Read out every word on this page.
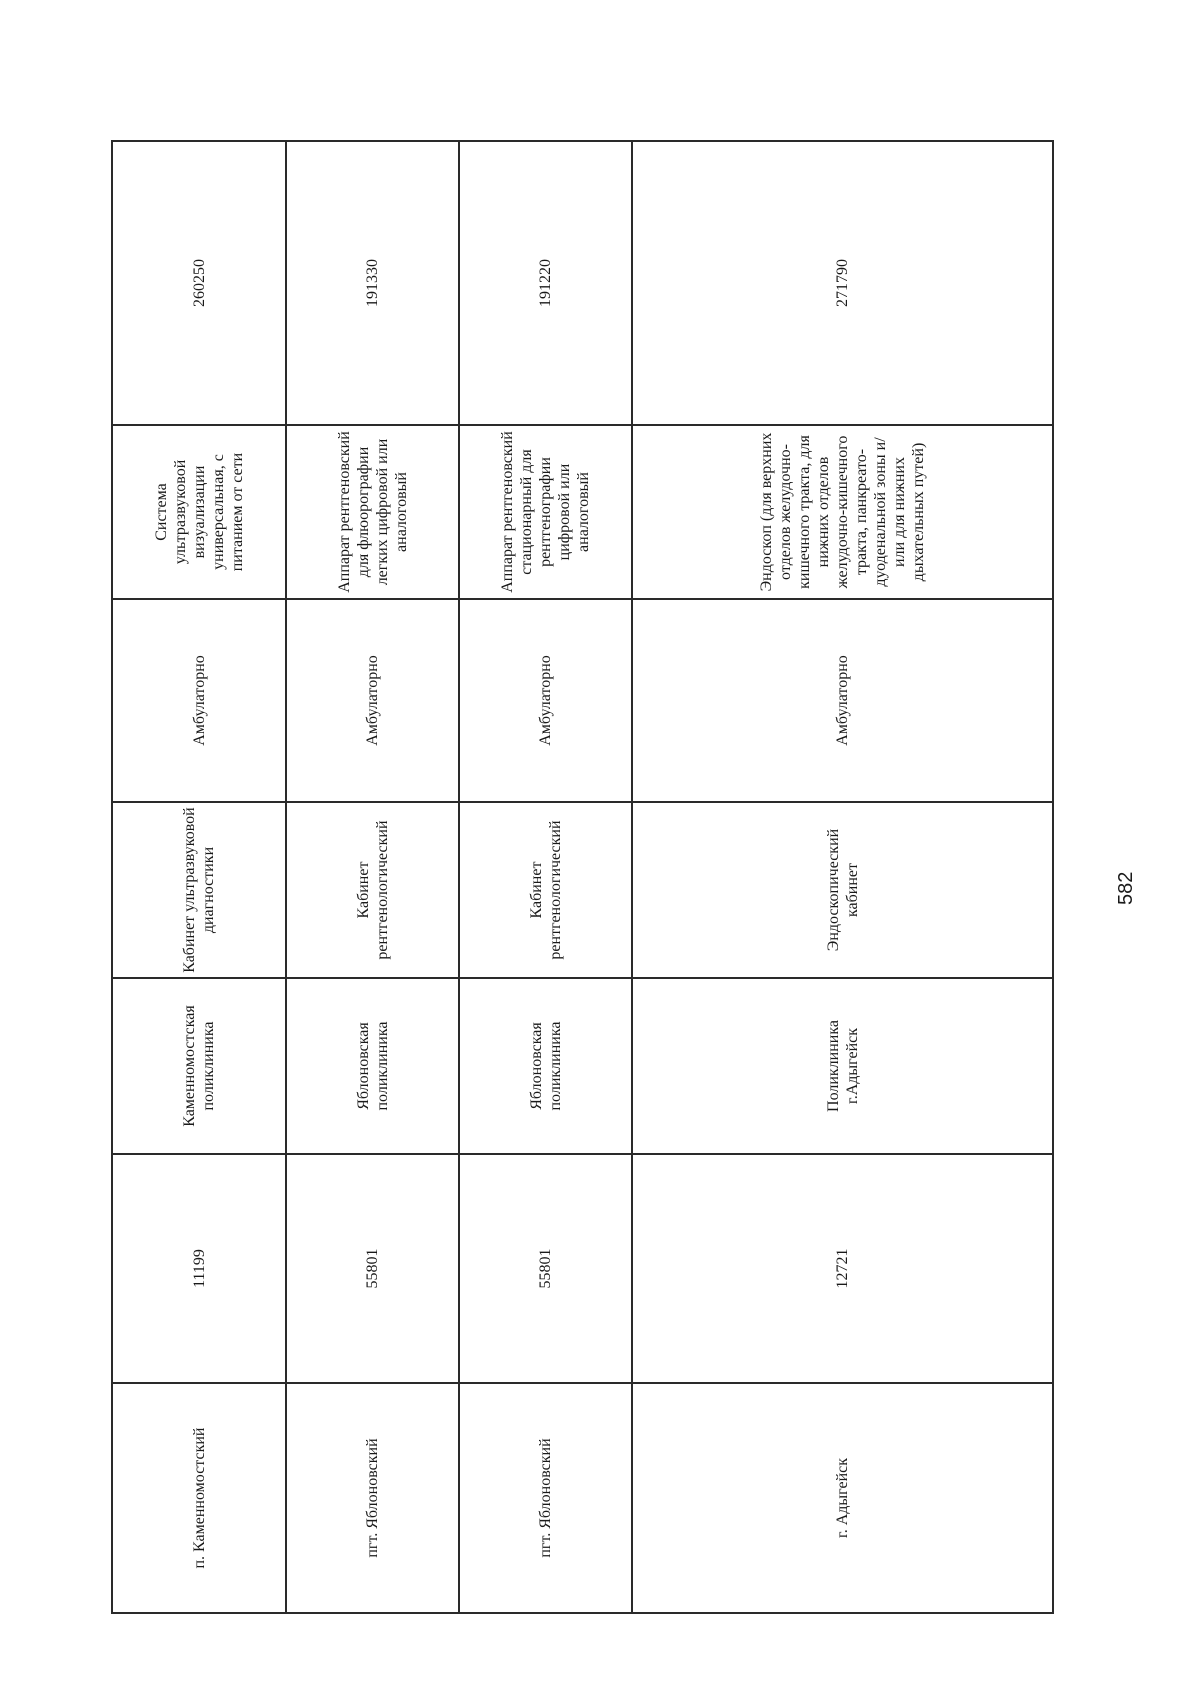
п. Каменномостский	11199	Каменномостская поликлиника	Кабинет ультразвуковой диагностики	Амбулаторно	Система ультразвуковой визуализации универсальная, с питанием от сети	260250

пгт. Яблоновский	55801	Яблоновская поликлиника	Кабинет рентгенологический	Амбулаторно	Аппарат рентгеновский для флюорографии легких цифровой или аналоговый	191330

пгт. Яблоновский	55801	Яблоновская поликлиника	Кабинет рентгенологический	Амбулаторно	Аппарат рентгеновский стационарный для рентгенографии цифровой или аналоговый	191220

г. Адыгейск	12721	Поликлиника г.Адыгейск	Эндоскопический кабинет	Амбулаторно	Эндоскоп (для верхних отделов желудочно-кишечного тракта, для нижних отделов желудочно-кишечного тракта, панкреато-дуоденальной зоны и/или для нижних дыхательных путей)	271790
582
